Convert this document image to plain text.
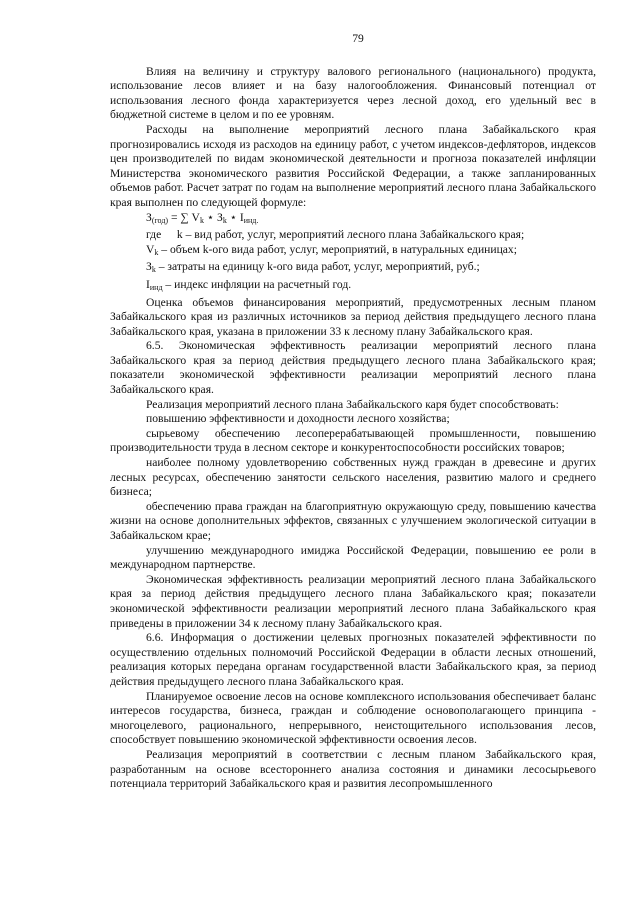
79

Влияя на величину и структуру валового регионального (национального) продукта, использование лесов влияет и на базу налогообложения. Финансовый потенциал от использования лесного фонда характеризуется через лесной доход, его удельный вес в бюджетной системе в целом и по ее уровням.

Расходы на выполнение мероприятий лесного плана Забайкальского края прогнозировались исходя из расходов на единицу работ, с учетом индексов-дефляторов, индексов цен производителей по видам экономической деятельности и прогноза показателей инфляции Министерства экономического развития Российской Федерации, а также запланированных объемов работ. Расчет затрат по годам на выполнение мероприятий лесного плана Забайкальского края выполнен по следующей формуле:

$З_{(год)}$ = ∑ $V_k$ ⋆ $З_k$ ⋆ $I_{инд.}$

где k – вид работ, услуг, мероприятий лесного плана Забайкальского края;

$V_k$ – объем k-ого вида работ, услуг, мероприятий, в натуральных единицах;

$З_k$ – затраты на единицу k-ого вида работ, услуг, мероприятий, руб.;

$I_{инд}$ – индекс инфляции на расчетный год.

Оценка объемов финансирования мероприятий, предусмотренных лесным планом Забайкальского края из различных источников за период действия предыдущего лесного плана Забайкальского края, указана в приложении 33 к лесному плану Забайкальского края.

6.5. Экономическая эффективность реализации мероприятий лесного плана Забайкальского края за период действия предыдущего лесного плана Забайкальского края; показатели экономической эффективности реализации мероприятий лесного плана Забайкальского края.

Реализация мероприятий лесного плана Забайкальского каря будет способствовать:

повышению эффективности и доходности лесного хозяйства;

сырьевому обеспечению лесоперерабатывающей промышленности, повышению производительности труда в лесном секторе и конкурентоспособности российских товаров;

наиболее полному удовлетворению собственных нужд граждан в древесине и других лесных ресурсах, обеспечению занятости сельского населения, развитию малого и среднего бизнеса;

обеспечению права граждан на благоприятную окружающую среду, повышению качества жизни на основе дополнительных эффектов, связанных с улучшением экологической ситуации в Забайкальском крае;

улучшению международного имиджа Российской Федерации, повышению ее роли в международном партнерстве.

Экономическая эффективность реализации мероприятий лесного плана Забайкальского края за период действия предыдущего лесного плана Забайкальского края; показатели экономической эффективности реализации мероприятий лесного плана Забайкальского края приведены в приложении 34 к лесному плану Забайкальского края.

6.6. Информация о достижении целевых прогнозных показателей эффективности по осуществлению отдельных полномочий Российской Федерации в области лесных отношений, реализация которых передана органам государственной власти Забайкальского края, за период действия предыдущего лесного плана Забайкальского края.

Планируемое освоение лесов на основе комплексного использования обеспечивает баланс интересов государства, бизнеса, граждан и соблюдение основополагающего принципа - многоцелевого, рационального, непрерывного, неистощительного использования лесов, способствует повышению экономической эффективности освоения лесов.

Реализация мероприятий в соответствии с лесным планом Забайкальского края, разработанным на основе всестороннего анализа состояния и динамики лесосырьевого потенциала территорий Забайкальского края и развития лесопромышленного
